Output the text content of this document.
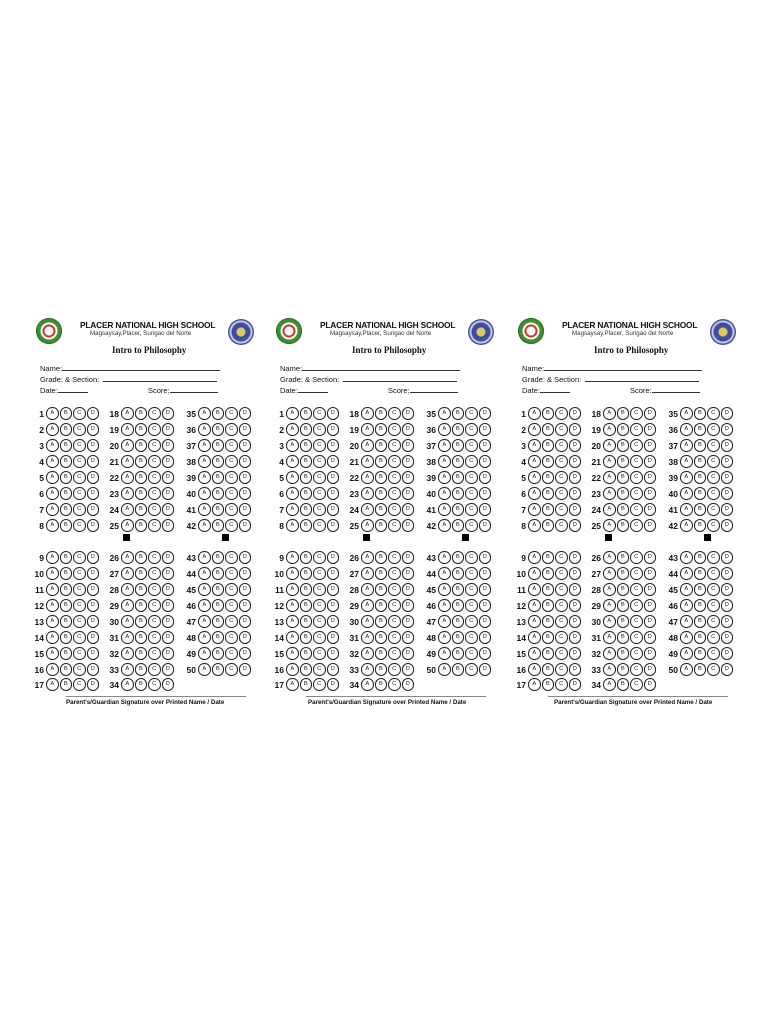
PLACER NATIONAL HIGH SCHOOL
Magsaysay,Placer, Surigao del Norte
Intro to Philosophy
Name:
Grade: & Section:
Date:	Score:
1	A	B	C	D
2	A	B	C	D
3	A	B	C	D
4	A	B	C	D
5	A	B	C	D
6	A	B	C	D
7	A	B	C	D
8	A	B	C	D
9	A	B	C	D
10	A	B	C	D
11	A	B	C	D
12	A	B	C	D
13	A	B	C	D
14	A	B	C	D
15	A	B	C	D
16	A	B	C	D
17	A	B	C	D
18	A	B	C	D
19	A	B	C	D
20	A	B	C	D
21	A	B	C	D
22	A	B	C	D
23	A	B	C	D
24	A	B	C	D
25	A	B	C	D
26	A	B	C	D
27	A	B	C	D
28	A	B	C	D
29	A	B	C	D
30	A	B	C	D
31	A	B	C	D
32	A	B	C	D
33	A	B	C	D
34	A	B	C	D
35	A	B	C	D
36	A	B	C	D
37	A	B	C	D
38	A	B	C	D
39	A	B	C	D
40	A	B	C	D
41	A	B	C	D
42	A	B	C	D
43	A	B	C	D
44	A	B	C	D
45	A	B	C	D
46	A	B	C	D
47	A	B	C	D
48	A	B	C	D
49	A	B	C	D
50	A	B	C	D
Parent's/Guardian Signature over Printed Name / Date
PLACER NATIONAL HIGH SCHOOL
Magsaysay,Placer, Surigao del Norte
Intro to Philosophy
Name:
Grade: & Section:
Date:	Score:
1	A	B	C	D
2	A	B	C	D
3	A	B	C	D
4	A	B	C	D
5	A	B	C	D
6	A	B	C	D
7	A	B	C	D
8	A	B	C	D
9	A	B	C	D
10	A	B	C	D
11	A	B	C	D
12	A	B	C	D
13	A	B	C	D
14	A	B	C	D
15	A	B	C	D
16	A	B	C	D
17	A	B	C	D
18	A	B	C	D
19	A	B	C	D
20	A	B	C	D
21	A	B	C	D
22	A	B	C	D
23	A	B	C	D
24	A	B	C	D
25	A	B	C	D
26	A	B	C	D
27	A	B	C	D
28	A	B	C	D
29	A	B	C	D
30	A	B	C	D
31	A	B	C	D
32	A	B	C	D
33	A	B	C	D
34	A	B	C	D
35	A	B	C	D
36	A	B	C	D
37	A	B	C	D
38	A	B	C	D
39	A	B	C	D
40	A	B	C	D
41	A	B	C	D
42	A	B	C	D
43	A	B	C	D
44	A	B	C	D
45	A	B	C	D
46	A	B	C	D
47	A	B	C	D
48	A	B	C	D
49	A	B	C	D
50	A	B	C	D
Parent's/Guardian Signature over Printed Name / Date
PLACER NATIONAL HIGH SCHOOL
Magsaysay,Placer, Surigao del Norte
Intro to Philosophy
Name:
Grade: & Section:
Date:	Score:
1	A	B	C	D
2	A	B	C	D
3	A	B	C	D
4	A	B	C	D
5	A	B	C	D
6	A	B	C	D
7	A	B	C	D
8	A	B	C	D
9	A	B	C	D
10	A	B	C	D
11	A	B	C	D
12	A	B	C	D
13	A	B	C	D
14	A	B	C	D
15	A	B	C	D
16	A	B	C	D
17	A	B	C	D
18	A	B	C	D
19	A	B	C	D
20	A	B	C	D
21	A	B	C	D
22	A	B	C	D
23	A	B	C	D
24	A	B	C	D
25	A	B	C	D
26	A	B	C	D
27	A	B	C	D
28	A	B	C	D
29	A	B	C	D
30	A	B	C	D
31	A	B	C	D
32	A	B	C	D
33	A	B	C	D
34	A	B	C	D
35	A	B	C	D
36	A	B	C	D
37	A	B	C	D
38	A	B	C	D
39	A	B	C	D
40	A	B	C	D
41	A	B	C	D
42	A	B	C	D
43	A	B	C	D
44	A	B	C	D
45	A	B	C	D
46	A	B	C	D
47	A	B	C	D
48	A	B	C	D
49	A	B	C	D
50	A	B	C	D
Parent's/Guardian Signature over Printed Name / Date
